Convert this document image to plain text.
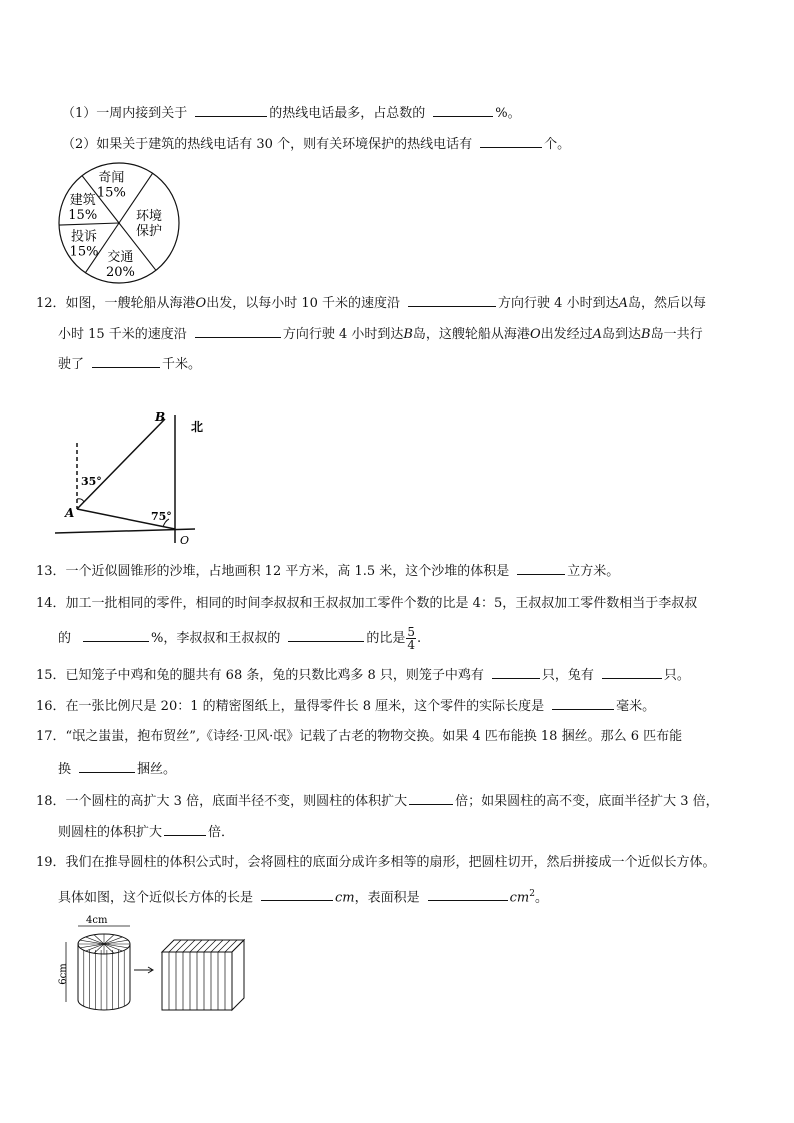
（1）一周内接到关于	的热线电话最多，占总数的	%。
（2）如果关于建筑的热线电话有 30 个，则有关环境保护的热线电话有	个。
环境
保护
交通
20%
投诉
15%
建筑
15%
奇闻
15%
12．如图，一艘轮船从海港O出发，以每小时 10 千米的速度沿	方向行驶 4 小时到达A岛，然后以每
小时 15 千米的速度沿	方向行驶 4 小时到达B岛，这艘轮船从海港O出发经过A岛到达B岛一共行
驶了	千米。
B
A
北
O
35°
75°
13．一个近似圆锥形的沙堆，占地画积 12 平方米，高 1.5 米，这个沙堆的体积是	立方米。
14．加工一批相同的零件，相同的时间李叔叔和王叔叔加工零件个数的比是 4：5，王叔叔加工零件数相当于李叔叔
的	%，李叔叔和王叔叔的	的比是 $\frac{5}{4}$ .
15．已知笼子中鸡和兔的腿共有 68 条，兔的只数比鸡多 8 只，则笼子中鸡有	只，兔有	只。
16．在一张比例尺是 20：1 的精密图纸上，量得零件长 8 厘米，这个零件的实际长度是	毫米。
17．“氓之蚩蚩，抱布贸丝”,《诗经·卫风·氓》记载了古老的物物交换。如果 4 匹布能换 18 捆丝。那么 6 匹布能
换	捆丝。
18．一个圆柱的高扩大 3 倍，底面半径不变，则圆柱的体积扩大	倍；如果圆柱的高不变，底面半径扩大 3 倍，
则圆柱的体积扩大	倍．
19．我们在推导圆柱的体积公式时，会将圆柱的底面分成许多相等的扇形，把圆柱切开，然后拼接成一个近似长方体。
具体如图，这个近似长方体的长是	cm，表面积是	$cm^2$。
4cm
6cm
